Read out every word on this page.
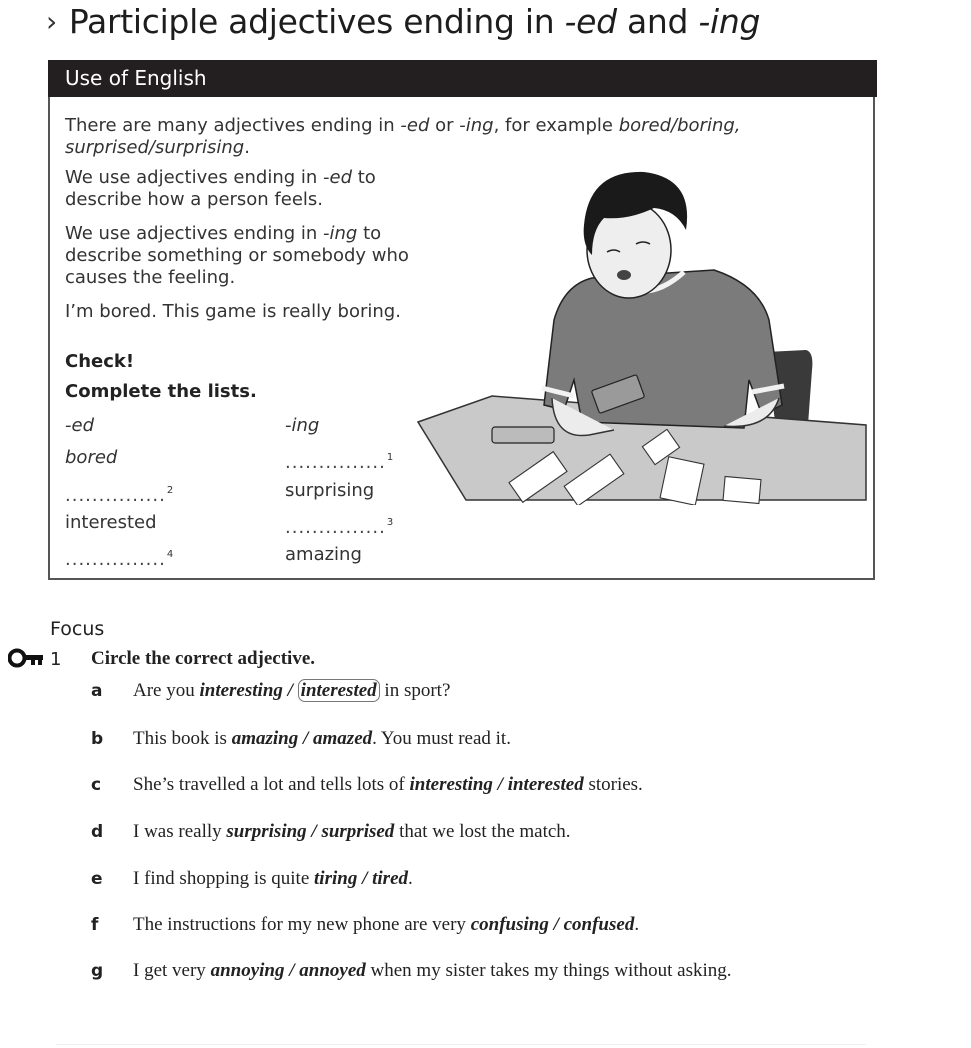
› Participle adjectives ending in -ed and -ing
Use of English
There are many adjectives ending in -ed or -ing, for example bored/boring,
surprised/surprising.
We use adjectives ending in -ed to
describe how a person feels.
We use adjectives ending in -ing to
describe something or somebody who
causes the feeling.
I’m bored. This game is really boring.
Check!
Complete the lists.
-ed	-ing
bored	...............$^1$
...............$^2$	surprising
interested	...............$^3$
...............$^4$	amazing
Focus
1 Circle the correct adjective.
a Are you interesting / interested in sport?
b This book is amazing / amazed. You must read it.
c She’s travelled a lot and tells lots of interesting / interested stories.
d I was really surprising / surprised that we lost the match.
e I find shopping is quite tiring / tired.
f The instructions for my new phone are very confusing / confused.
g I get very annoying / annoyed when my sister takes my things without asking.
